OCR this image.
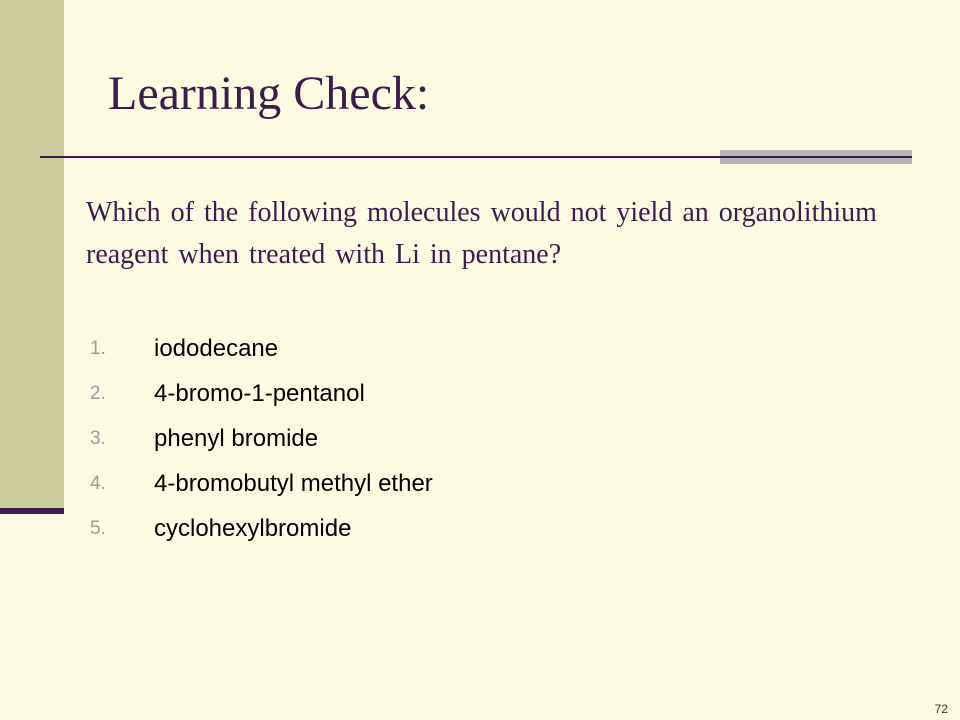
Learning Check:

Which of the following molecules would not yield an organolithium reagent when treated with Li in pentane?

1. iododecane
2. 4-bromo-1-pentanol
3. phenyl bromide
4. 4-bromobutyl methyl ether
5. cyclohexylbromide
72
